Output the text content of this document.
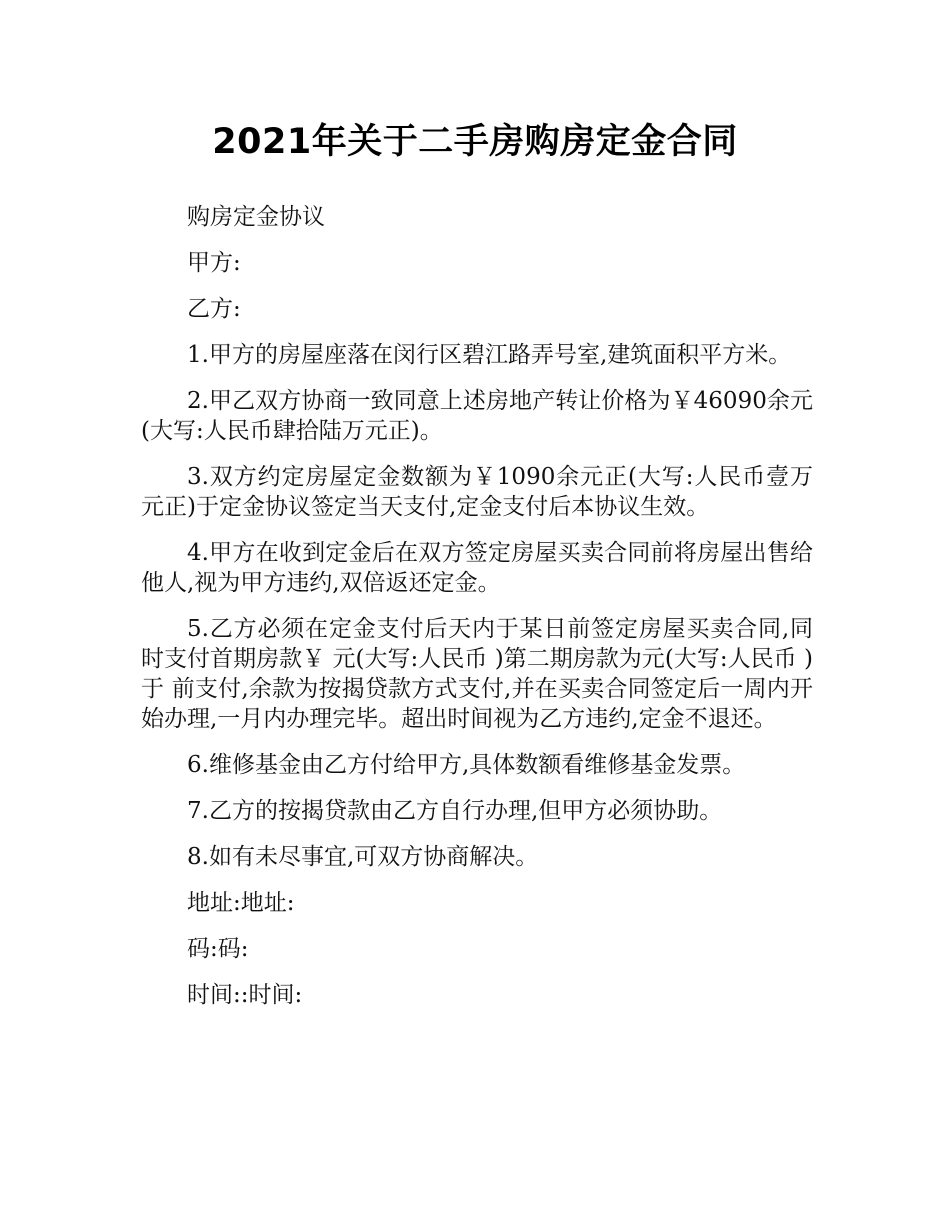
2021年关于二手房购房定金合同

购房定金协议

甲方:

乙方:

1.甲方的房屋座落在闵行区碧江路弄号室,建筑面积平方米。

2.甲乙双方协商一致同意上述房地产转让价格为￥46090余元(大写:人民币肆拾陆万元正)。

3.双方约定房屋定金数额为￥1090余元正(大写:人民币壹万元正)于定金协议签定当天支付,定金支付后本协议生效。

4.甲方在收到定金后在双方签定房屋买卖合同前将房屋出售给他人,视为甲方违约,双倍返还定金。

5.乙方必须在定金支付后天内于某日前签定房屋买卖合同,同时支付首期房款￥ 元(大写:人民币 )第二期房款为元(大写:人民币 )于 前支付,余款为按揭贷款方式支付,并在买卖合同签定后一周内开始办理,一月内办理完毕。超出时间视为乙方违约,定金不退还。

6.维修基金由乙方付给甲方,具体数额看维修基金发票。

7.乙方的按揭贷款由乙方自行办理,但甲方必须协助。

8.如有未尽事宜,可双方协商解决。

地址:地址:

码:码:

时间::时间:
